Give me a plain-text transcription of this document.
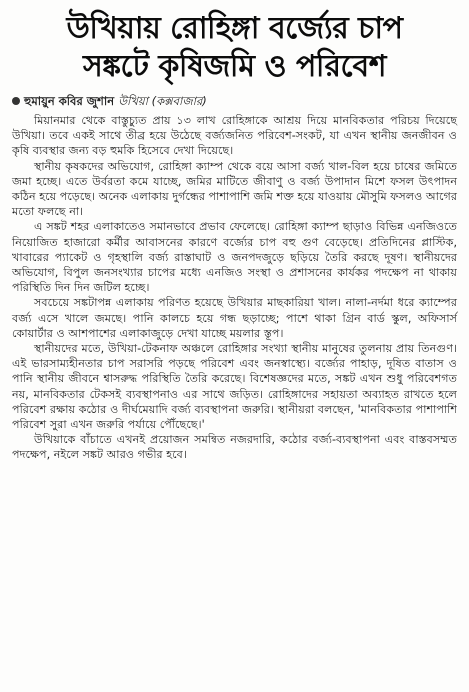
উখিয়ায় রোহিঙ্গা বর্জ্যের চাপ
সঙ্কটে কৃষিজমি ও পরিবেশ
হুমায়ুন কবির জুশান উখিয়া (কক্সবাজার)

মিয়ানমার থেকে বাস্তুচ্যুত প্রায় ১৩ লাখ রোহিঙ্গাকে আশ্রয় দিয়ে মানবিকতার পরিচয় দিয়েছে উখিয়া। তবে একই সাথে তীব্র হয়ে উঠেছে বর্জ্যজনিত পরিবেশ-সংকট, যা এখন স্থানীয় জনজীবন ও কৃষি ব্যবস্থার জন্য বড় হুমকি হিসেবে দেখা দিয়েছে।

স্থানীয় কৃষকদের অভিযোগ, রোহিঙ্গা ক্যাম্প থেকে বয়ে আসা বর্জ্য খাল-বিল হয়ে চাষের জমিতে জমা হচ্ছে। এতে উর্বরতা কমে যাচ্ছে, জমির মাটিতে জীবাণু ও বর্জ্য উপাদান মিশে ফসল উৎপাদন কঠিন হয়ে পড়েছে। অনেক এলাকায় দুর্গন্ধের পাশাপাশি জমি শক্ত হয়ে যাওয়ায় মৌসুমি ফসলও আগের মতো ফলছে না।

এ সঙ্কট শহর এলাকাতেও সমানভাবে প্রভাব ফেলেছে। রোহিঙ্গা ক্যাম্প ছাড়াও বিভিন্ন এনজিওতে নিয়োজিত হাজারো কর্মীর আবাসনের কারণে বর্জ্যের চাপ বহু গুণ বেড়েছে। প্রতিদিনের প্লাস্টিক, খাবারের প্যাকেট ও গৃহস্থালি বর্জ্য রাস্তাঘাট ও জনপদজুড়ে ছড়িয়ে তৈরি করছে দূষণ। স্থানীয়দের অভিযোগ, বিপুল জনসংখ্যার চাপের মধ্যে এনজিও সংস্থা ও প্রশাসনের কার্যকর পদক্ষেপ না থাকায় পরিস্থিতি দিন দিন জটিল হচ্ছে।

সবচেয়ে সঙ্কটাপন্ন এলাকায় পরিণত হয়েছে উখিয়ার মাছকারিয়া খাল। নালা-নর্দমা ধরে ক্যাম্পের বর্জ্য এসে খালে জমছে। পানি কালচে হয়ে গন্ধ ছড়াচ্ছে; পাশে থাকা গ্রিন বার্ড স্কুল, অফিসার্স কোয়ার্টার ও আশপাশের এলাকাজুড়ে দেখা যাচ্ছে ময়লার স্তূপ।

স্থানীয়দের মতে, উখিয়া-টেকনাফ অঞ্চলে রোহিঙ্গার সংখ্যা স্থানীয় মানুষের তুলনায় প্রায় তিনগুণ। এই ভারসাম্যহীনতার চাপ সরাসরি পড়ছে পরিবেশ এবং জনস্বাস্থ্যে। বর্জ্যের পাহাড়, দূষিত বাতাস ও পানি স্থানীয় জীবনে শ্বাসরুদ্ধ পরিস্থিতি তৈরি করেছে। বিশেষজ্ঞদের মতে, সঙ্কট এখন শুধু পরিবেশগত নয়, মানবিকতার টেকসই ব্যবস্থাপনাও এর সাথে জড়িত। রোহিঙ্গাদের সহায়তা অব্যাহত রাখতে হলে পরিবেশ রক্ষায় কঠোর ও দীর্ঘমেয়াদি বর্জ্য ব্যবস্থাপনা জরুরি। স্থানীয়রা বলছেন, 'মানবিকতার পাশাপাশি পরিবেশ সুরা এখন জরুরি পর্যায়ে পৌঁছেছে।'

উখিয়াকে বাঁচাতে এখনই প্রয়োজন সমন্বিত নজরদারি, কঠোর বর্জ্য-ব্যবস্থাপনা এবং বাস্তবসম্মত পদক্ষেপ, নইলে সঙ্কট আরও গভীর হবে।
